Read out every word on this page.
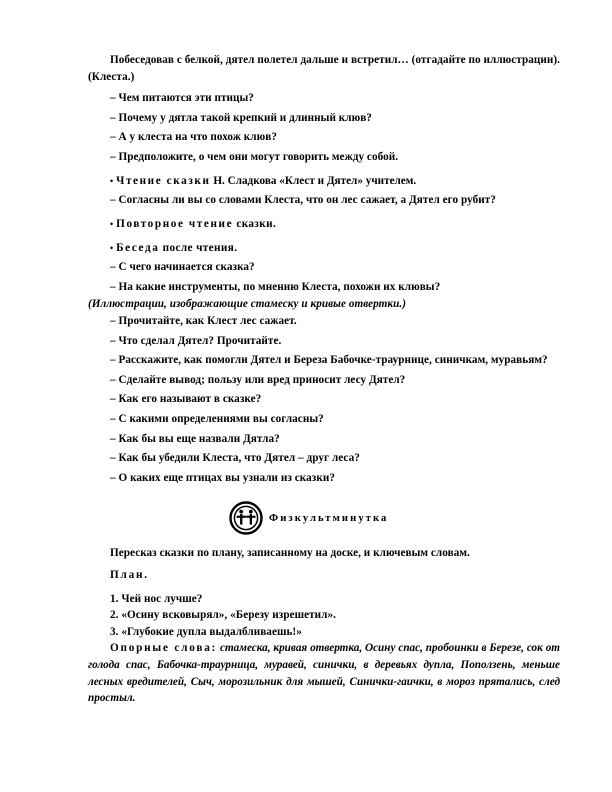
Побеседовав с белкой, дятел полетел дальше и встретил… (отгадайте по иллюстрации). (Клеста.)

– Чем питаются эти птицы?

– Почему у дятла такой крепкий и длинный клюв?

– А у клеста на что похож клюв?

– Предположите, о чем они могут говорить между собой.

• Чтение сказки Н. Сладкова «Клест и Дятел» учителем.

– Согласны ли вы со словами Клеста, что он лес сажает, а Дятел его рубит?

• Повторное чтение сказки.

• Беседа после чтения.

– С чего начинается сказка?

– На какие инструменты, по мнению Клеста, похожи их клювы?

(Иллюстрации, изображающие стамеску и кривые отвертки.)

– Прочитайте, как Клест лес сажает.

– Что сделал Дятел? Прочитайте.

– Расскажите, как помогли Дятел и Береза Бабочке-траурнице, синичкам, муравьям?

– Сделайте вывод; пользу или вред приносит лесу Дятел?

– Как его называют в сказке?

– С какими определениями вы согласны?

– Как бы вы еще назвали Дятла?

– Как бы убедили Клеста, что Дятел – друг леса?

– О каких еще птицах вы узнали из сказки?

Физкультминутка

Пересказ сказки по плану, записанному на доске, и ключевым словам.

План.

1. Чей нос лучше?

2. «Осину всковырял», «Березу изрешетил».

3. «Глубокие дупла выдалбливаешь!»

Опорные слова: стамеска, кривая отвертка, Осину спас, пробоинки в Березе, сок от голода спас, Бабочка-траурница, муравей, синички, в деревьях дупла, Поползень, меньше лесных вредителей, Сыч, морозильник для мышей, Синички-гаички, в мороз прятались, след простыл.
